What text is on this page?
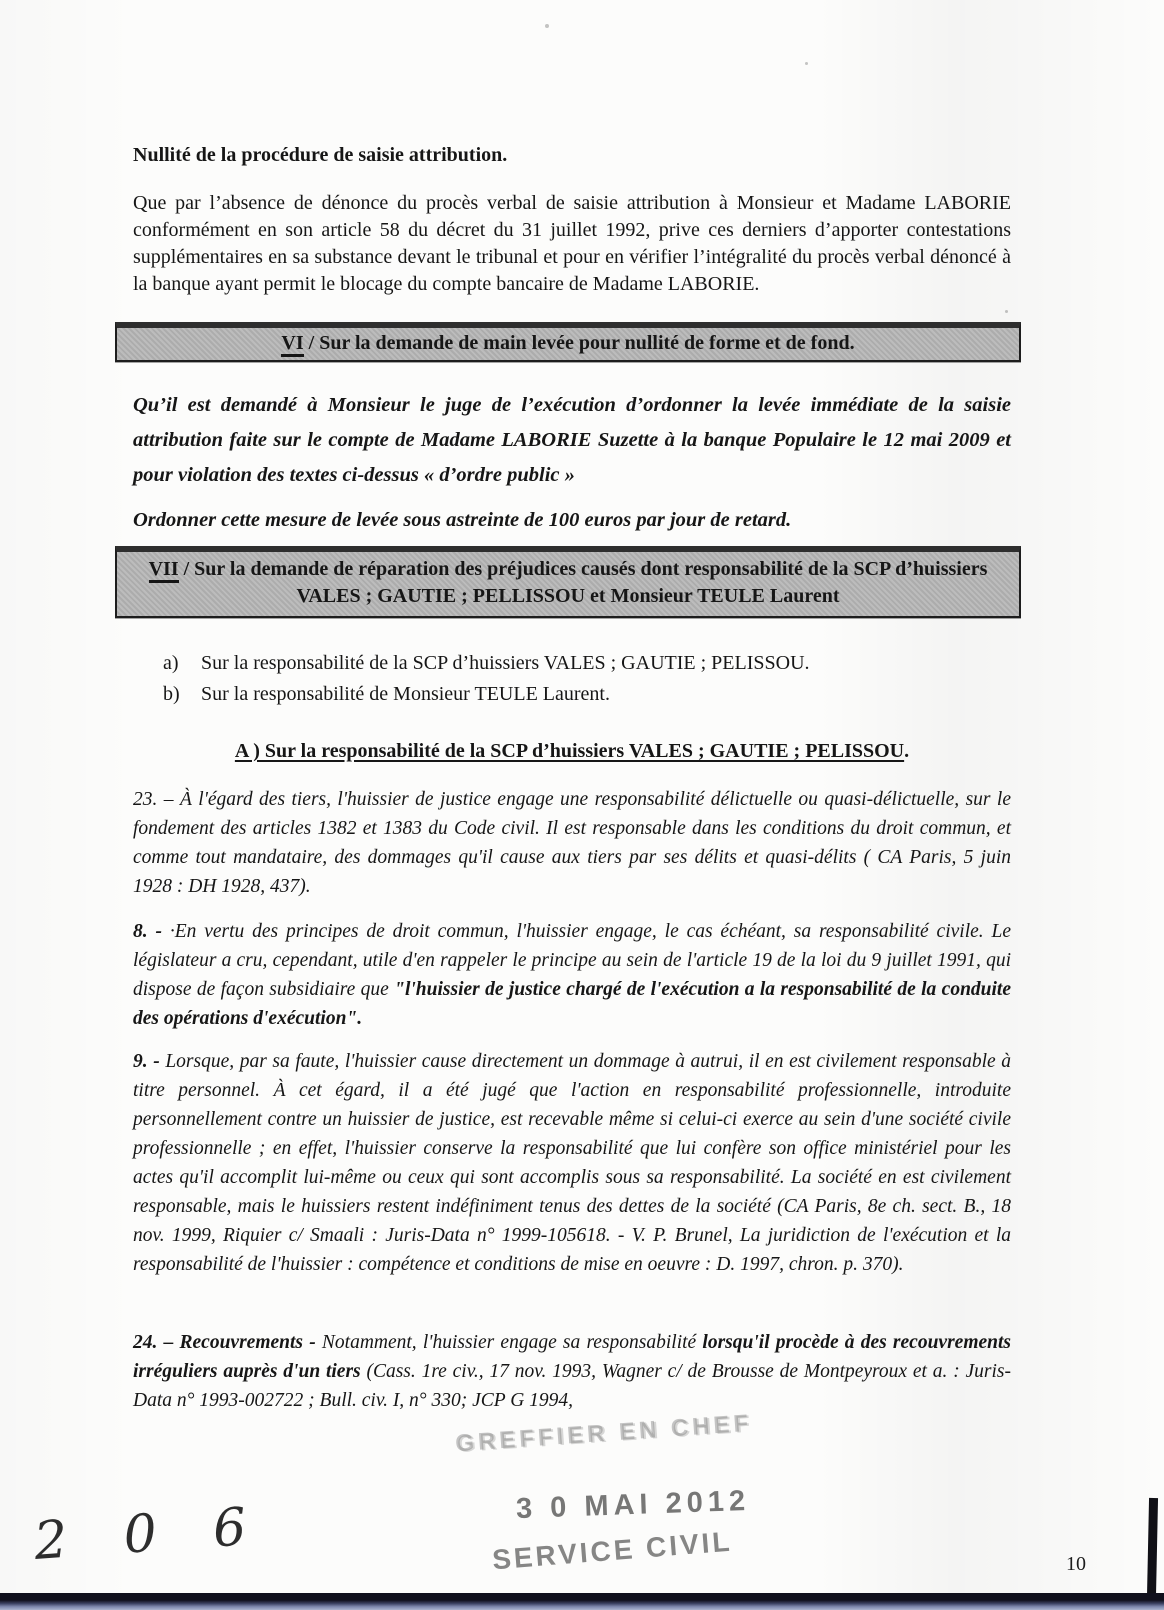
Nullité de la procédure de saisie attribution.

Que par l’absence de dénonce du procès verbal de saisie attribution à Monsieur et Madame LABORIE conformément en son article 58 du décret du 31 juillet 1992, prive ces derniers d’apporter contestations supplémentaires en sa substance devant le tribunal et pour en vérifier l’intégralité du procès verbal dénoncé à la banque ayant permit le blocage du compte bancaire de Madame LABORIE.

VI / Sur la demande de main levée pour nullité de forme et de fond.

Qu’il est demandé à Monsieur le juge de l’exécution d’ordonner la levée immédiate de la saisie attribution faite sur le compte de Madame LABORIE Suzette à la banque Populaire le 12 mai 2009 et pour violation des textes ci-dessus « d’ordre public »

Ordonner cette mesure de levée sous astreinte de 100 euros par jour de retard.

VII / Sur la demande de réparation des préjudices causés dont responsabilité de la SCP d’huissiers VALES ; GAUTIE ; PELLISSOU et Monsieur TEULE Laurent
a)	Sur la responsabilité de la SCP d’huissiers VALES ; GAUTIE ; PELISSOU.
b)	Sur la responsabilité de Monsieur TEULE Laurent.

A ) Sur la responsabilité de la SCP d’huissiers VALES ; GAUTIE ; PELISSOU.

23. – À l'égard des tiers, l'huissier de justice engage une responsabilité délictuelle ou quasi-délictuelle, sur le fondement des articles 1382 et 1383 du Code civil. Il est responsable dans les conditions du droit commun, et comme tout mandataire, des dommages qu'il cause aux tiers par ses délits et quasi-délits ( CA Paris, 5 juin 1928 : DH 1928, 437).

8. - ·En vertu des principes de droit commun, l'huissier engage, le cas échéant, sa responsabilité civile. Le législateur a cru, cependant, utile d'en rappeler le principe au sein de l'article 19 de la loi du 9 juillet 1991, qui dispose de façon subsidiaire que "l'huissier de justice chargé de l'exécution a la responsabilité de la conduite des opérations d'exécution".

9. - Lorsque, par sa faute, l'huissier cause directement un dommage à autrui, il en est civilement responsable à titre personnel. À cet égard, il a été jugé que l'action en responsabilité professionnelle, introduite personnellement contre un huissier de justice, est recevable même si celui-ci exerce au sein d'une société civile professionnelle ; en effet, l'huissier conserve la responsabilité que lui confère son office ministériel pour les actes qu'il accomplit lui-même ou ceux qui sont accomplis sous sa responsabilité. La société en est civilement responsable, mais le huissiers restent indéfiniment tenus des dettes de la société (CA Paris, 8e ch. sect. B., 18 nov. 1999, Riquier c/ Smaali : Juris-Data n° 1999-105618. - V. P. Brunel, La juridiction de l'exécution et la responsabilité de l'huissier : compétence et conditions de mise en oeuvre : D. 1997, chron. p. 370).

24. – Recouvrements - Notamment, l'huissier engage sa responsabilité lorsqu'il procède à des recouvrements irréguliers auprès d'un tiers (Cass. 1re civ., 17 nov. 1993, Wagner c/ de Brousse de Montpeyroux et a. : Juris-Data n° 1993-002722 ; Bull. civ. I, n° 330; JCP G 1994,

GREFFIER EN CHEF
3 0 MAI 2012
SERVICE CIVIL
2 0 6	10
